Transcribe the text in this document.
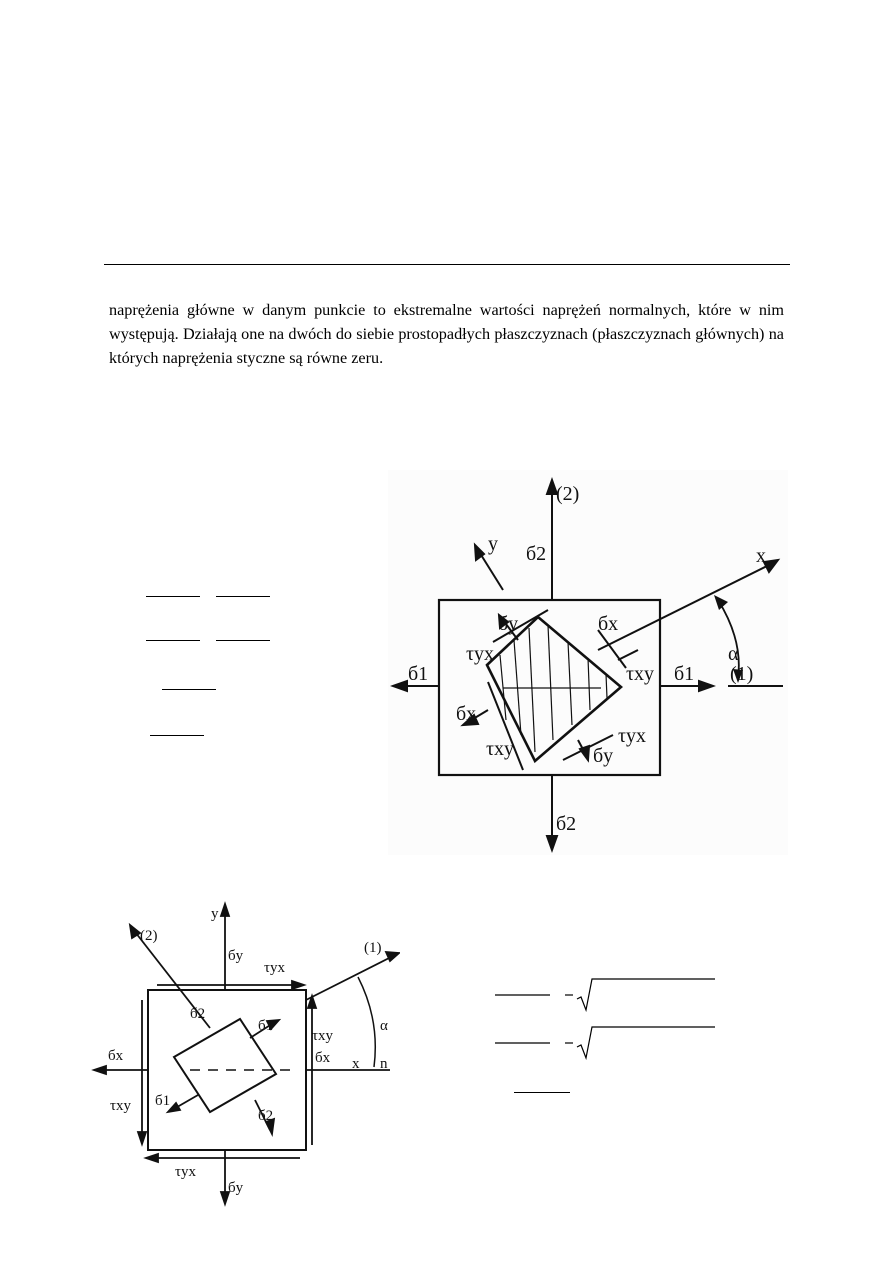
naprężenia główne w danym punkcie to ekstremalne wartości naprężeń normalnych, które w nim występują. Działają one na dwóch do siebie prostopadłych płaszczyznach (płaszczyznach głównych) na których naprężenia styczne są równe zeru.

(2)
y б2	x
бy	бx
α
τyx
τxy
б1	б1 (1)
бx
τyx
τxy	бy
б2
y
(2)
(1)
бy
τyx
б2
б1
τxy
α
бx	бx x n
τxy б1
б2
τyx
бy
